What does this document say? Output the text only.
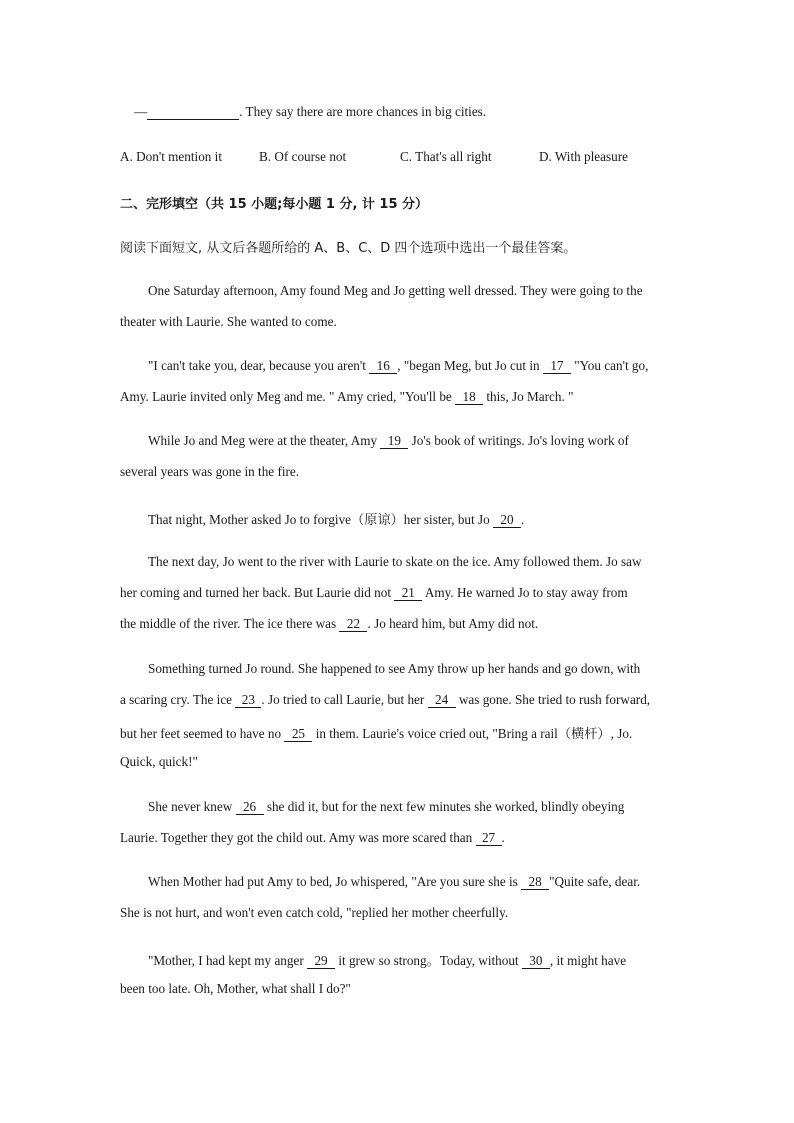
—	. They say there are more chances in big cities.
A. Don't mention it	B. Of course not	C. That's all right	D. With pleasure
二、完形填空（共 15 小题;每小题 1 分, 计 15 分）
阅读下面短文, 从文后各题所给的 A、B、C、D 四个选项中选出一个最佳答案。
One Saturday afternoon, Amy found Meg and Jo getting well dressed. They were going to the
theater with Laurie. She wanted to come.
"I can't take you, dear, because you aren't 16 , "began Meg, but Jo cut in 17 "You can't go,
Amy. Laurie invited only Meg and me. " Amy cried, "You'll be 18 this, Jo March. "
While Jo and Meg were at the theater, Amy 19 Jo's book of writings. Jo's loving work of
several years was gone in the fire.
That night, Mother asked Jo to forgive（原谅）her sister, but Jo 20 .
The next day, Jo went to the river with Laurie to skate on the ice. Amy followed them. Jo saw
her coming and turned her back. But Laurie did not 21 Amy. He warned Jo to stay away from
the middle of the river. The ice there was 22 . Jo heard him, but Amy did not.
Something turned Jo round. She happened to see Amy throw up her hands and go down, with
a scaring cry. The ice 23 . Jo tried to call Laurie, but her 24 was gone. She tried to rush forward,
but her feet seemed to have no 25 in them. Laurie's voice cried out, "Bring a rail（横杆）, Jo.
Quick, quick!"
She never knew 26 she did it, but for the next few minutes she worked, blindly obeying
Laurie. Together they got the child out. Amy was more scared than 27 .
When Mother had put Amy to bed, Jo whispered, "Are you sure she is 28 "Quite safe, dear.
She is not hurt, and won't even catch cold, "replied her mother cheerfully.
"Mother, I had kept my anger 29 it grew so strong。Today, without 30 , it might have
been too late. Oh, Mother, what shall I do?"
